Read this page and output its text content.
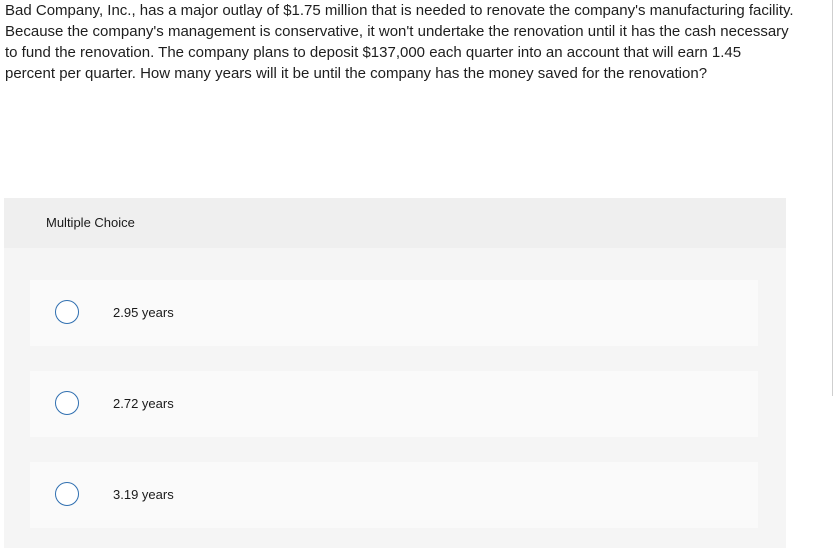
Bad Company, Inc., has a major outlay of $1.75 million that is needed to renovate the company's manufacturing facility. Because the company's management is conservative, it won't undertake the renovation until it has the cash necessary to fund the renovation. The company plans to deposit $137,000 each quarter into an account that will earn 1.45 percent per quarter. How many years will it be until the company has the money saved for the renovation?
Multiple Choice
2.95 years
2.72 years
3.19 years
